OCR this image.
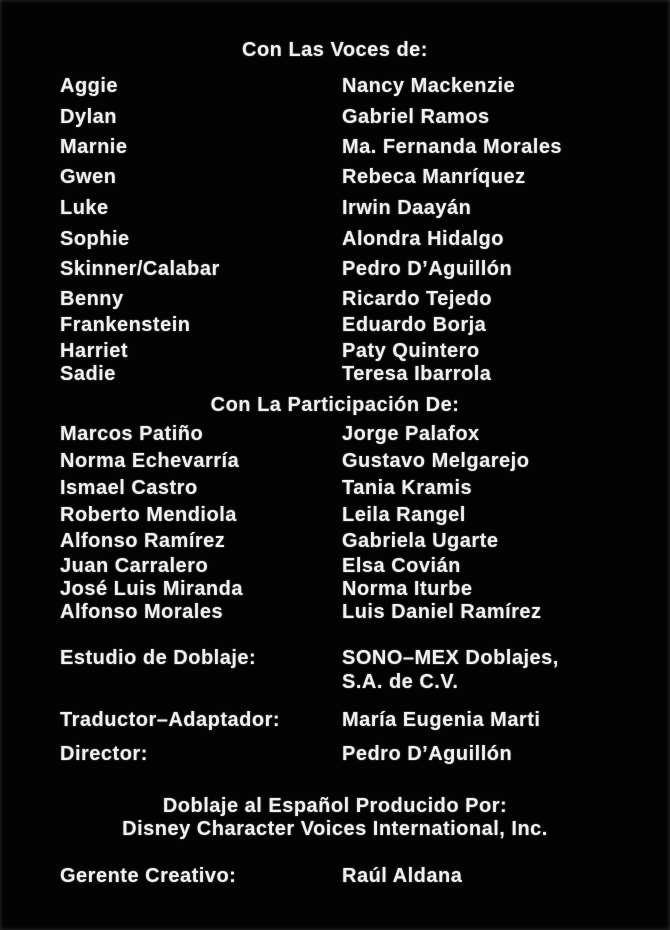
Con Las Voces de:
Aggie	Nancy Mackenzie
Dylan	Gabriel Ramos
Marnie	Ma. Fernanda Morales
Gwen	Rebeca Manríquez
Luke	Irwin Daayán
Sophie	Alondra Hidalgo
Skinner/Calabar	Pedro D’Aguillón
Benny	Ricardo Tejedo
Frankenstein	Eduardo Borja
Harriet	Paty Quintero
Sadie	Teresa Ibarrola
Con La Participación De:
Marcos Patiño	Jorge Palafox
Norma Echevarría	Gustavo Melgarejo
Ismael Castro	Tania Kramis
Roberto Mendiola	Leila Rangel
Alfonso Ramírez	Gabriela Ugarte
Juan Carralero	Elsa Covián
José Luis Miranda	Norma Iturbe
Alfonso Morales	Luis Daniel Ramírez
Estudio de Doblaje:	SONO–MEX Doblajes,
S.A. de C.V.
Traductor–Adaptador:	María Eugenia Marti
Director:	Pedro D’Aguillón
Doblaje al Español Producido Por:
Disney Character Voices International, Inc.
Gerente Creativo:	Raúl Aldana
